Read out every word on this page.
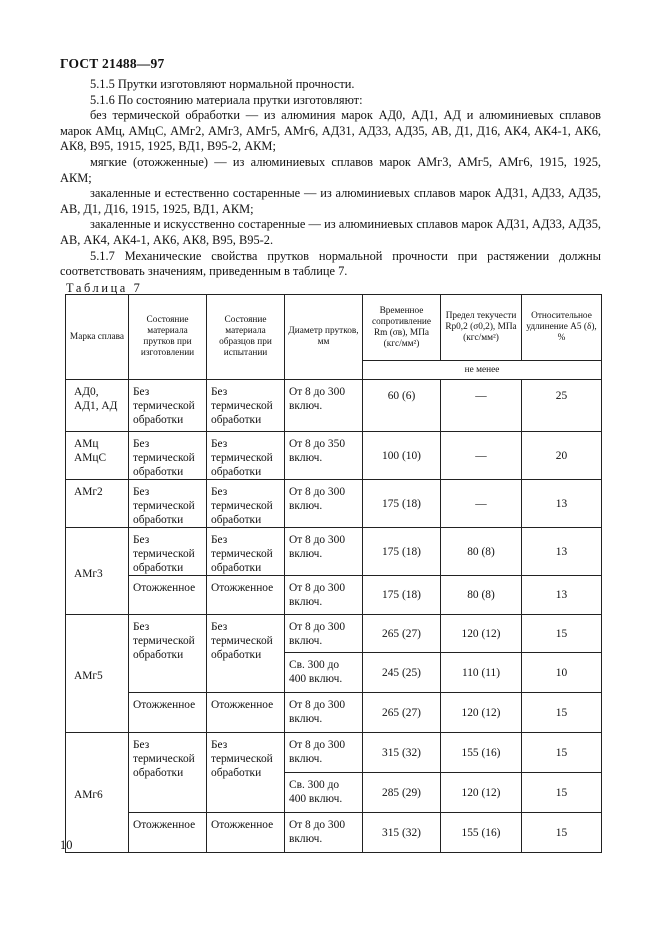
ГОСТ 21488—97

5.1.5 Прутки изготовляют нормальной прочности.

5.1.6 По состоянию материала прутки изготовляют:

без термической обработки — из алюминия марок АД0, АД1, АД и алюминиевых сплавов марок АМц, АМцС, АМг2, АМг3, АМг5, АМг6, АД31, АД33, АД35, АВ, Д1, Д16, АК4, АК4-1, АК6, АК8, В95, 1915, 1925, ВД1, В95-2, АКМ;

мягкие (отожженные) — из алюминиевых сплавов марок АМг3, АМг5, АМг6, 1915, 1925, АКМ;

закаленные и естественно состаренные — из алюминиевых сплавов марок АД31, АД33, АД35, АВ, Д1, Д16, 1915, 1925, ВД1, АКМ;

закаленные и искусственно состаренные — из алюминиевых сплавов марок АД31, АД33, АД35, АВ, АК4, АК4-1, АК6, АК8, В95, В95-2.

5.1.7 Механические свойства прутков нормальной прочности при растяжении должны соответствовать значениям, приведенным в таблице 7.

Таблица 7
Марка сплава	Состояние материала прутков при изготовлении	Состояние материала образцов при испытании	Диаметр прутков, мм	Временное сопротивление Rm (σв), МПа (кгс/мм²)	Предел текучести Rp0,2 (σ0,2), МПа (кгс/мм²)	Относительное удлинение A5 (δ), %
				не менее		
АД0, АД1, АД	Без термической обработки	Без термической обработки	От 8 до 300 включ.	60 (6)	—	25
АМц АМцС	Без термической обработки	Без термической обработки	От 8 до 350 включ.	100 (10)	—	20
АМг2	Без термической обработки	Без термической обработки	От 8 до 300 включ.	175 (18)	—	13
АМг3	Без термической обработки	Без термической обработки	От 8 до 300 включ.	175 (18)	80 (8)	13
	Отожженное	Отожженное	От 8 до 300 включ.	175 (18)	80 (8)	13
АМг5	Без термической обработки	Без термической обработки	От 8 до 300 включ.	265 (27)	120 (12)	15
			Св. 300 до 400 включ.	245 (25)	110 (11)	10
	Отожженное	Отожженное	От 8 до 300 включ.	265 (27)	120 (12)	15
АМг6	Без термической обработки	Без термической обработки	От 8 до 300 включ.	315 (32)	155 (16)	15
			Св. 300 до 400 включ.	285 (29)	120 (12)	15
	Отожженное	Отожженное	От 8 до 300 включ.	315 (32)	155 (16)	15
10
